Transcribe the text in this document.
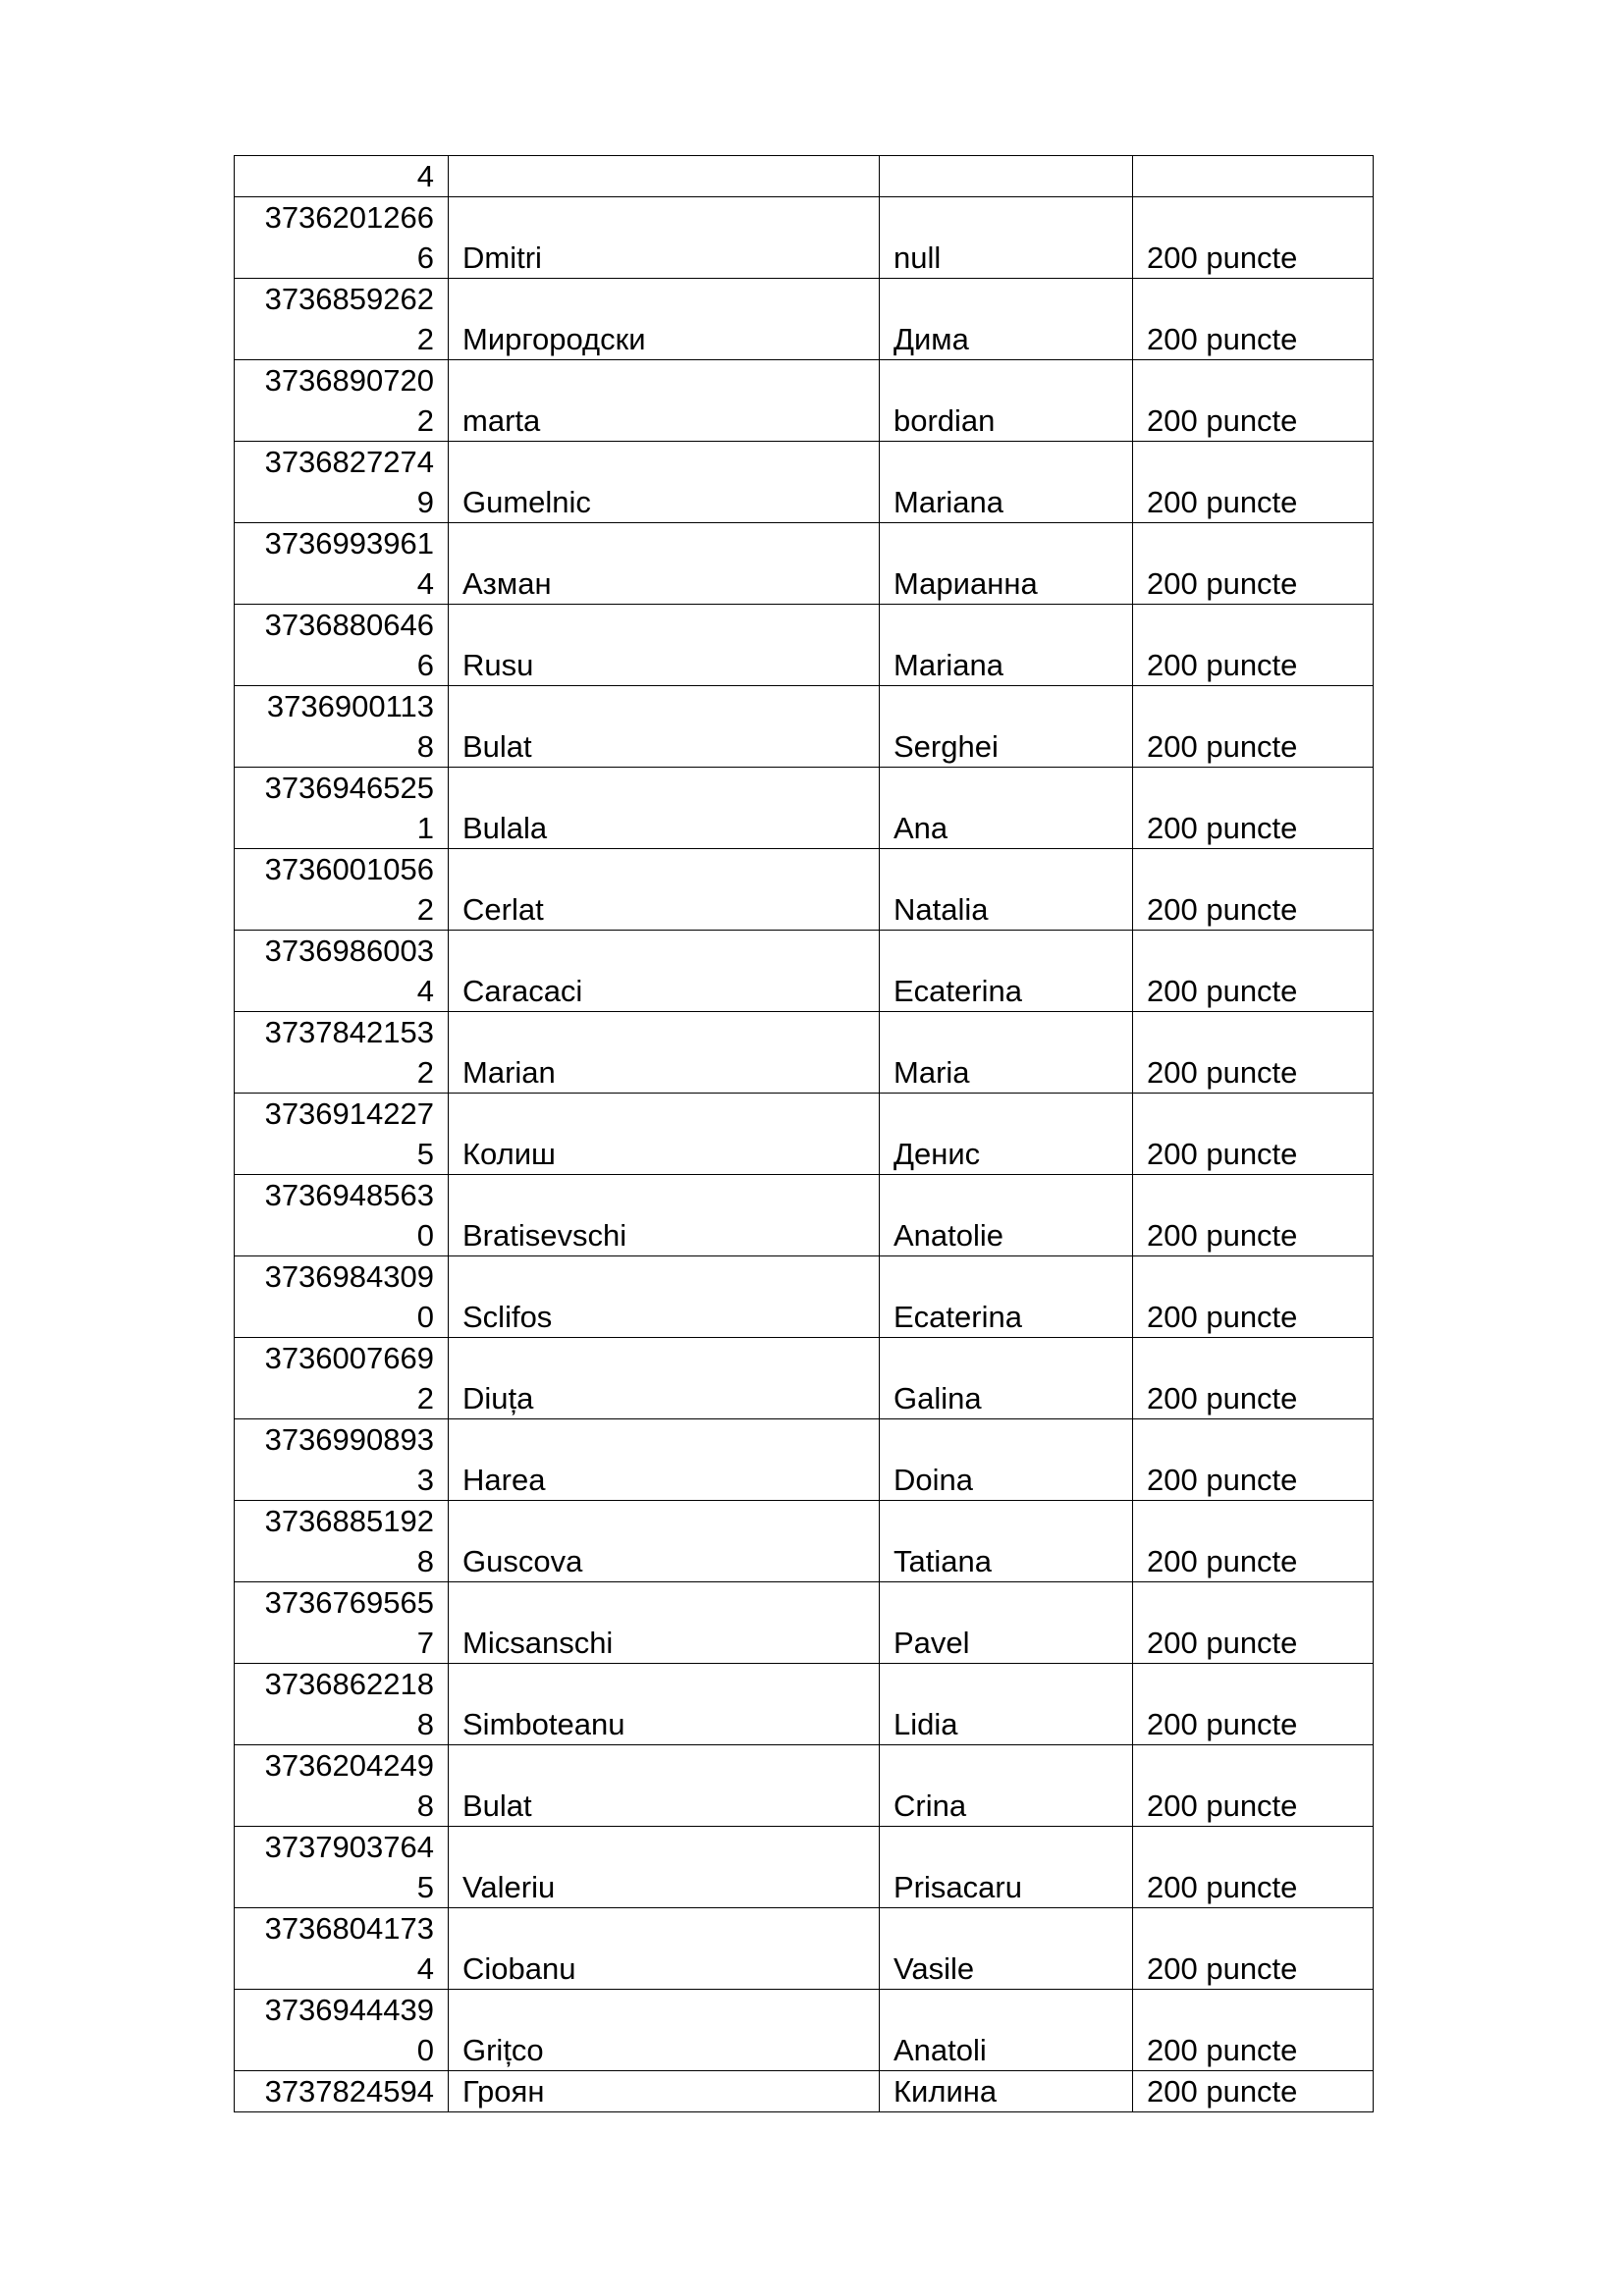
4			
37362012666	Dmitri	null	200 puncte
37368592622	Миргородски	Дима	200 puncte
37368907202	marta	bordian	200 puncte
37368272749	Gumelnic	Mariana	200 puncte
37369939614	Азман	Марианна	200 puncte
37368806466	Rusu	Mariana	200 puncte
37369001138	Bulat	Serghei	200 puncte
37369465251	Bulala	Ana	200 puncte
37360010562	Cerlat	Natalia	200 puncte
37369860034	Caracaci	Ecaterina	200 puncte
37378421532	Marian	Maria	200 puncte
37369142275	Колиш	Денис	200 puncte
37369485630	Bratisevschi	Anatolie	200 puncte
37369843090	Sclifos	Ecaterina	200 puncte
37360076692	Diuța	Galina	200 puncte
37369908933	Harea	Doina	200 puncte
37368851928	Guscova	Tatiana	200 puncte
37367695657	Micsanschi	Pavel	200 puncte
37368622188	Simboteanu	Lidia	200 puncte
37362042498	Bulat	Crina	200 puncte
37379037645	Valeriu	Prisacaru	200 puncte
37368041734	Ciobanu	Vasile	200 puncte
37369444390	Grițco	Anatoli	200 puncte
3737824594	Гроян	Килина	200 puncte
